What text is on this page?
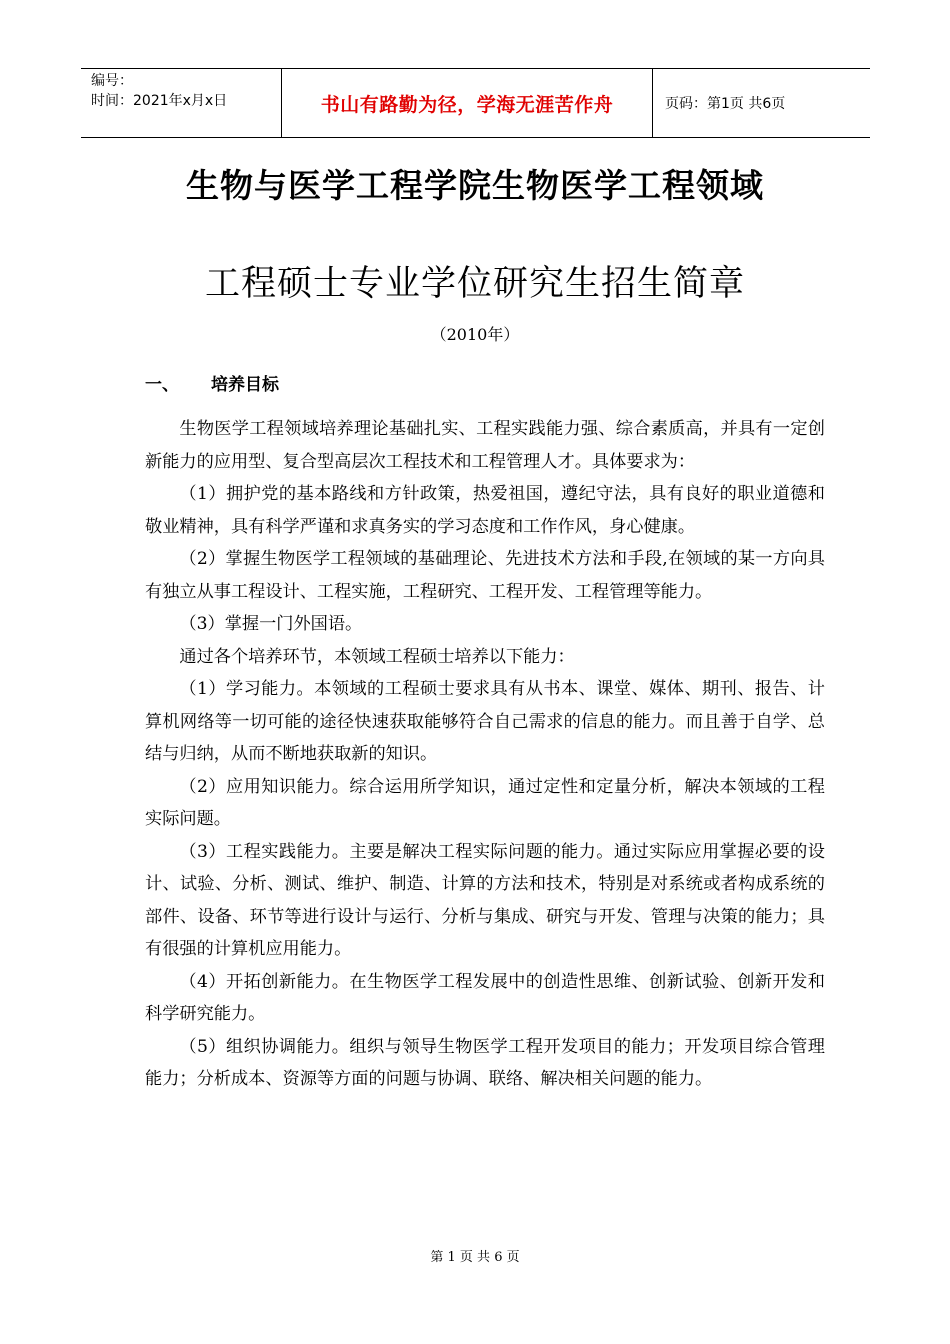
编号：
时间：2021年x月x日	书山有路勤为径，学海无涯苦作舟	页码：第1页 共6页
生物与医学工程学院生物医学工程领域
工程硕士专业学位研究生招生简章
（2010年）
一、 培养目标

生物医学工程领域培养理论基础扎实、工程实践能力强、综合素质高，并具有一定创新能力的应用型、复合型高层次工程技术和工程管理人才。具体要求为：

（1）拥护党的基本路线和方针政策，热爱祖国，遵纪守法，具有良好的职业道德和敬业精神，具有科学严谨和求真务实的学习态度和工作作风，身心健康。

（2）掌握生物医学工程领域的基础理论、先进技术方法和手段,在领域的某一方向具有独立从事工程设计、工程实施，工程研究、工程开发、工程管理等能力。

（3）掌握一门外国语。

通过各个培养环节，本领域工程硕士培养以下能力：

（1）学习能力。本领域的工程硕士要求具有从书本、课堂、媒体、期刊、报告、计算机网络等一切可能的途径快速获取能够符合自己需求的信息的能力。而且善于自学、总结与归纳，从而不断地获取新的知识。

（2）应用知识能力。综合运用所学知识，通过定性和定量分析，解决本领域的工程实际问题。

（3）工程实践能力。主要是解决工程实际问题的能力。通过实际应用掌握必要的设计、试验、分析、测试、维护、制造、计算的方法和技术，特别是对系统或者构成系统的部件、设备、环节等进行设计与运行、分析与集成、研究与开发、管理与决策的能力；具有很强的计算机应用能力。

（4）开拓创新能力。在生物医学工程发展中的创造性思维、创新试验、创新开发和科学研究能力。

（5）组织协调能力。组织与领导生物医学工程开发项目的能力；开发项目综合管理能力；分析成本、资源等方面的问题与协调、联络、解决相关问题的能力。

第 1 页 共 6 页
